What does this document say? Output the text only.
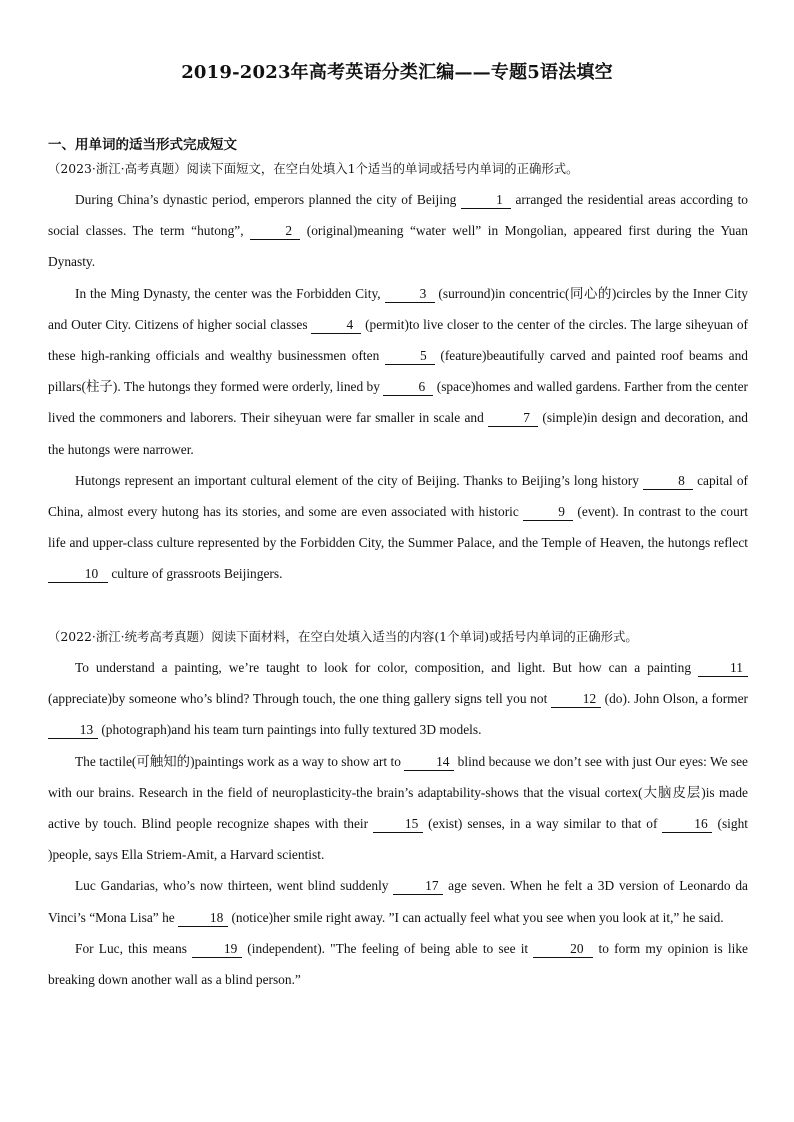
2019-2023年高考英语分类汇编——专题5语法填空
一、用单词的适当形式完成短文
（2023·浙江·高考真题）阅读下面短文，在空白处填入1个适当的单词或括号内单词的正确形式。

During China’s dynastic period, emperors planned the city of Beijing	1 arranged the residential areas according to social classes. The term “hutong”,	2 (original)meaning “water well” in Mongolian, appeared first during the Yuan Dynasty.

In the Ming Dynasty, the center was the Forbidden City,	3 (surround)in concentric(同心的)circles by the Inner City and Outer City. Citizens of higher social classes	4 (permit)to live closer to the center of the circles. The large siheyuan of these high-ranking officials and wealthy businessmen often	5 (feature)beautifully carved and painted roof beams and pillars(柱子). The hutongs they formed were orderly, lined by	6 (space)homes and walled gardens. Farther from the center lived the commoners and laborers. Their siheyuan were far smaller in scale and	7 (simple)in design and decoration, and the hutongs were narrower.

Hutongs represent an important cultural element of the city of Beijing. Thanks to Beijing’s long history	8 capital of China, almost every hutong has its stories, and some are even associated with historic	9 (event). In contrast to the court life and upper-class culture represented by the Forbidden City, the Summer Palace, and the Temple of Heaven, the hutongs reflect 10 culture of grassroots Beijingers.

（2022·浙江·统考高考真题）阅读下面材料，在空白处填入适当的内容(1个单词)或括号内单词的正确形式。

To understand a painting, we’re taught to look for color, composition, and light. But how can a painting 11 (appreciate)by someone who’s blind? Through touch, the one thing gallery signs tell you not 12 (do). John Olson, a former 13 (photograph)and his team turn paintings into fully textured 3D models.

The tactile(可触知的)paintings work as a way to show art to 14 blind because we don’t see with just Our eyes: We see with our brains. Research in the field of neuroplasticity-the brain’s adaptability-shows that the visual cortex(大脑皮层)is made active by touch. Blind people recognize shapes with their 15 (exist) senses, in a way similar to that of 16 (sight )people, says Ella Striem-Amit, a Harvard scientist.

Luc Gandarias, who’s now thirteen, went blind suddenly 17 age seven. When he felt a 3D version of Leonardo da Vinci’s “Mona Lisa” he 18 (notice)her smile right away. ”I can actually feel what you see when you look at it,” he said.

For Luc, this means 19 (independent). "The feeling of being able to see it	20 to form my opinion is like breaking down another wall as a blind person.”
